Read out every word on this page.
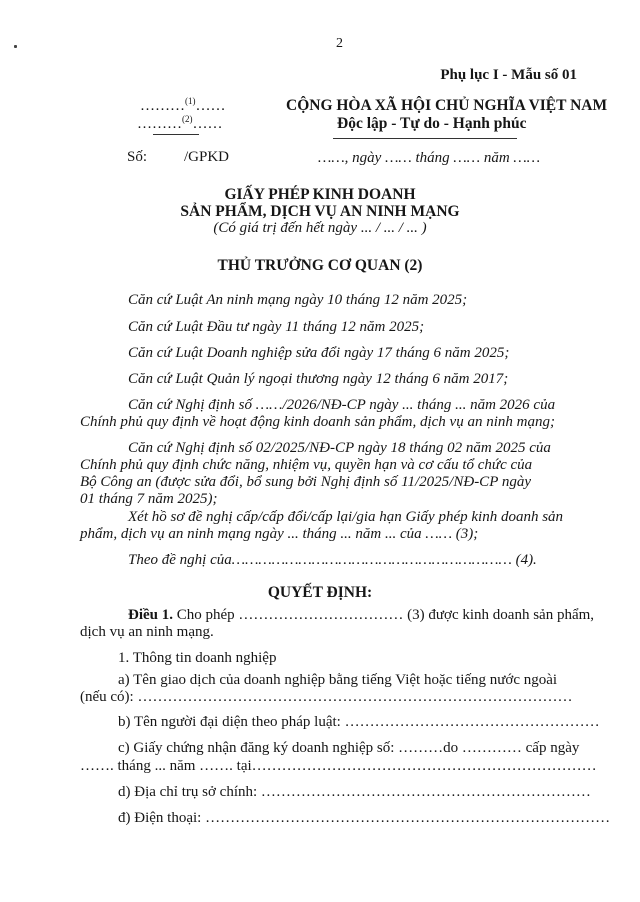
2
Phụ lục I - Mẫu số 01
………$^{(1)}$……
………$^{(2)}$……
CỘNG HÒA XÃ HỘI CHỦ NGHĨA VIỆT NAM
Độc lập - Tự do - Hạnh phúc
Số: /GPKD	……, ngày …… tháng …… năm ……
GIẤY PHÉP KINH DOANH
SẢN PHẨM, DỊCH VỤ AN NINH MẠNG
(Có giá trị đến hết ngày ... / ... / ... )
THỦ TRƯỞNG CƠ QUAN (2)
Căn cứ Luật An ninh mạng ngày 10 tháng 12 năm 2025;
Căn cứ Luật Đầu tư ngày 11 tháng 12 năm 2025;
Căn cứ Luật Doanh nghiệp sửa đổi ngày 17 tháng 6 năm 2025;
Căn cứ Luật Quản lý ngoại thương ngày 12 tháng 6 năm 2017;
Căn cứ Nghị định số ……/2026/NĐ-CP ngày ... tháng ... năm 2026 của
Chính phủ quy định về hoạt động kinh doanh sản phẩm, dịch vụ an ninh mạng;
Căn cứ Nghị định số 02/2025/NĐ-CP ngày 18 tháng 02 năm 2025 của
Chính phủ quy định chức năng, nhiệm vụ, quyền hạn và cơ cấu tổ chức của
Bộ Công an (được sửa đổi, bổ sung bởi Nghị định số 11/2025/NĐ-CP ngày
01 tháng 7 năm 2025);
Xét hồ sơ đề nghị cấp/cấp đổi/cấp lại/gia hạn Giấy phép kinh doanh sản
phẩm, dịch vụ an ninh mạng ngày ... tháng ... năm ... của …… (3);
Theo đề nghị của……………………………………………………… (4).
QUYẾT ĐỊNH:
Điều 1. Cho phép …………………………… (3) được kinh doanh sản phẩm,
dịch vụ an ninh mạng.
1. Thông tin doanh nghiệp
a) Tên giao dịch của doanh nghiệp bằng tiếng Việt hoặc tiếng nước ngoài
(nếu có): ……………………………………………………………………………
b) Tên người đại diện theo pháp luật: ……………………………………………
c) Giấy chứng nhận đăng ký doanh nghiệp số: ………do ………… cấp ngày
……. tháng ... năm ……. tại……………………………………………………………
d) Địa chỉ trụ sở chính: …………………………………………………………
đ) Điện thoại: ………………………………………………………………………
